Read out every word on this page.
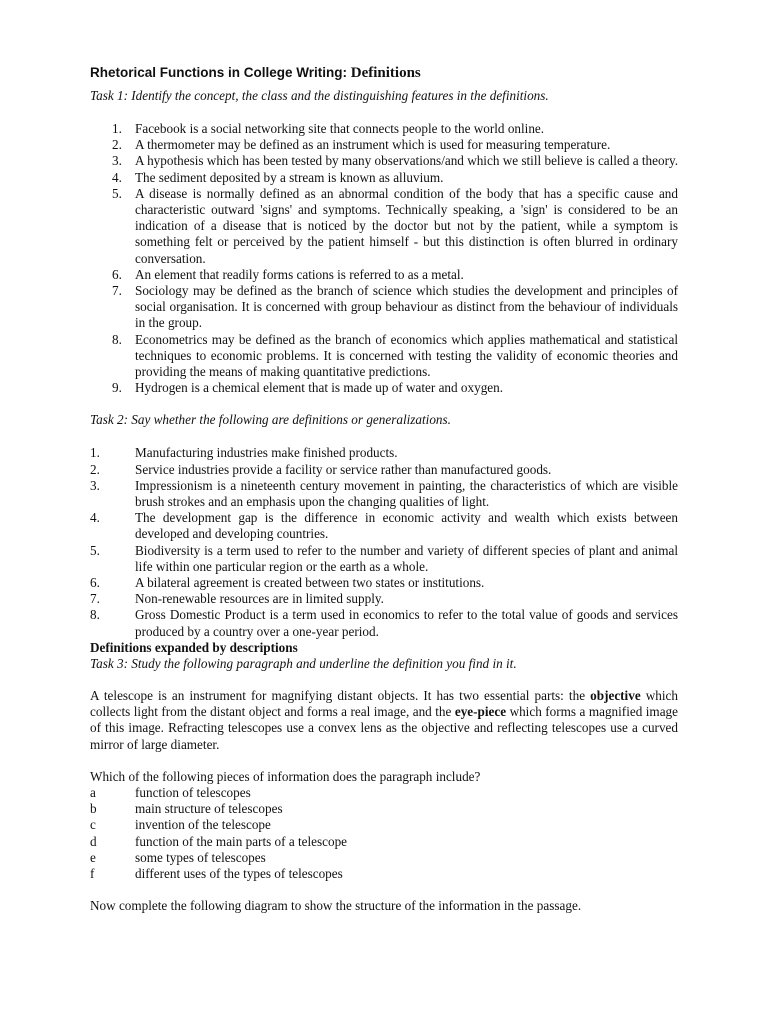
Rhetorical Functions in College Writing: Definitions

Task 1: Identify the concept, the class and the distinguishing features in the definitions.

1. Facebook is a social networking site that connects people to the world online.
2. A thermometer may be defined as an instrument which is used for measuring temperature.
3. A hypothesis which has been tested by many observations/and which we still believe is called a theory.
4. The sediment deposited by a stream is known as alluvium.
5. A disease is normally defined as an abnormal condition of the body that has a specific cause and characteristic outward 'signs' and symptoms. Technically speaking, a 'sign' is considered to be an indication of a disease that is noticed by the doctor but not by the patient, while a symptom is something felt or perceived by the patient himself - but this distinction is often blurred in ordinary conversation.
6. An element that readily forms cations is referred to as a metal.
7. Sociology may be defined as the branch of science which studies the development and principles of social organisation. It is concerned with group behaviour as distinct from the behaviour of individuals in the group.
8. Econometrics may be defined as the branch of economics which applies mathematical and statistical techniques to economic problems. It is concerned with testing the validity of economic theories and providing the means of making quantitative predictions.
9. Hydrogen is a chemical element that is made up of water and oxygen.

Task 2: Say whether the following are definitions or generalizations.

1.	Manufacturing industries make finished products.
2.	Service industries provide a facility or service rather than manufactured goods.
3.	Impressionism is a nineteenth century movement in painting, the characteristics of which are visible brush strokes and an emphasis upon the changing qualities of light.
4.	The development gap is the difference in economic activity and wealth which exists between developed and developing countries.
5.	Biodiversity is a term used to refer to the number and variety of different species of plant and animal life within one particular region or the earth as a whole.
6.	A bilateral agreement is created between two states or institutions.
7.	Non-renewable resources are in limited supply.
8.	Gross Domestic Product is a term used in economics to refer to the total value of goods and services produced by a country over a one-year period.

Definitions expanded by descriptions

Task 3: Study the following paragraph and underline the definition you find in it.

A telescope is an instrument for magnifying distant objects. It has two essential parts: the objective which collects light from the distant object and forms a real image, and the eye-piece which forms a magnified image of this image. Refracting telescopes use a convex lens as the objective and reflecting telescopes use a curved mirror of large diameter.

Which of the following pieces of information does the paragraph include?

a	function of telescopes
b	main structure of telescopes
c	invention of the telescope
d	function of the main parts of a telescope
e	some types of telescopes
f	different uses of the types of telescopes

Now complete the following diagram to show the structure of the information in the passage.
